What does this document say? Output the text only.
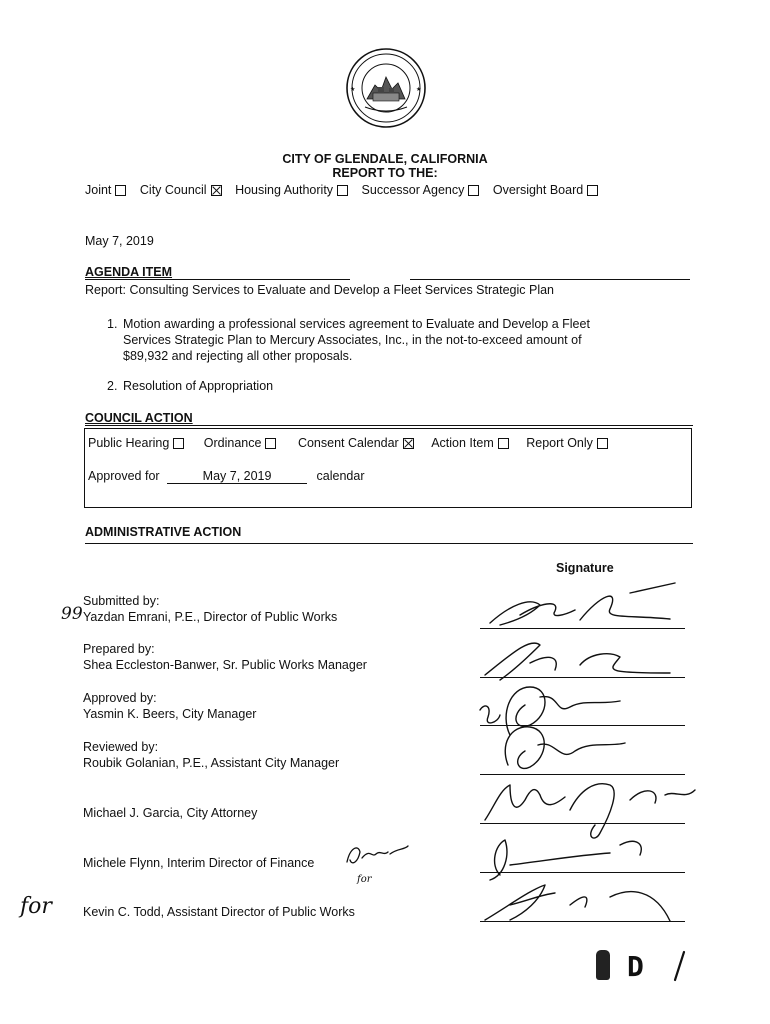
★	★
CITY OF GLENDALE, CALIFORNIA
REPORT TO THE:
Joint City Council Housing Authority Successor Agency Oversight Board
May 7, 2019
AGENDA ITEM
Report: Consulting Services to Evaluate and Develop a Fleet Services Strategic Plan
1. Motion awarding a professional services agreement to Evaluate and Develop a Fleet
Services Strategic Plan to Mercury Associates, Inc., in the not-to-exceed amount of
$89,932 and rejecting all other proposals.
2. Resolution of Appropriation
COUNCIL ACTION
Public Hearing	Ordinance	Consent Calendar	Action Item	Report Only
Approved for	May 7, 2019	calendar
ADMINISTRATIVE ACTION
Signature
Submitted by:
Yazdan Emrani, P.E., Director of Public Works
Prepared by:
Shea Eccleston-Banwer, Sr. Public Works Manager
Approved by:
Yasmin K. Beers, City Manager
Reviewed by:
Roubik Golanian, P.E., Assistant City Manager
Michael J. Garcia, City Attorney
Michele Flynn, Interim Director of Finance
Kevin C. Todd, Assistant Director of Public Works
99
for
for
D
